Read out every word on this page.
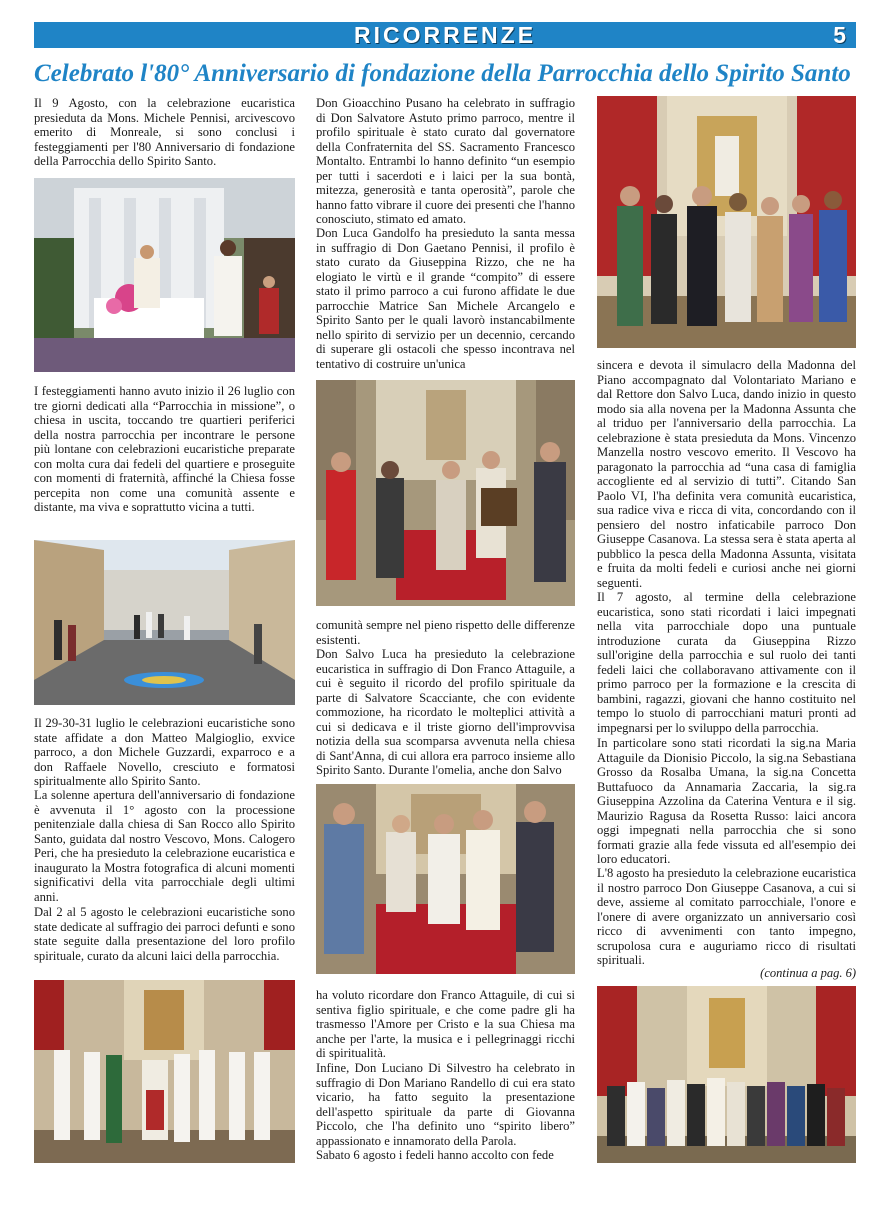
RICORRENZE	5
Celebrato l'80° Anniversario di fondazione della Parrocchia dello Spirito Santo

Il 9 Agosto, con la celebrazione eucaristica presieduta da Mons. Michele Pennisi, arcivescovo emerito di Monreale, si sono conclusi i festeggiamenti per l'80 Anniversario di fondazione della Parrocchia dello Spirito Santo.

I festeggiamenti hanno avuto inizio il 26 luglio con tre giorni dedicati alla “Parrocchia in missione”, o chiesa in uscita, toccando tre quartieri periferici della nostra parrocchia per incontrare le persone più lontane con celebrazioni eucaristiche preparate con molta cura dai fedeli del quartiere e proseguite con momenti di fraternità, affinché la Chiesa fosse percepita non come una comunità assente e distante, ma viva e soprattutto vicina a tutti.

Il 29-30-31 luglio le celebrazioni eucaristiche sono state affidate a don Matteo Malgioglio, exvice parroco, a don Michele Guzzardi, exparroco e a don Raffaele Novello, cresciuto e formatosi spiritualmente allo Spirito Santo.

La solenne apertura dell'anniversario di fondazione è avvenuta il 1° agosto con la processione penitenziale dalla chiesa di San Rocco allo Spirito Santo, guidata dal nostro Vescovo, Mons. Calogero Peri, che ha presieduto la celebrazione eucaristica e inaugurato la Mostra fotografica di alcuni momenti significativi della vita parrocchiale degli ultimi anni.

Dal 2 al 5 agosto le celebrazioni eucaristiche sono state dedicate al suffragio dei parroci defunti e sono state seguite dalla presentazione del loro profilo spirituale, curato da alcuni laici della parrocchia.

Don Gioacchino Pusano ha celebrato in suffragio di Don Salvatore Astuto primo parroco, mentre il profilo spirituale è stato curato dal governatore della Confraternita del SS. Sacramento Francesco Montalto. Entrambi lo hanno definito “un esempio per tutti i sacerdoti e i laici per la sua bontà, mitezza, generosità e tanta operosità”, parole che hanno fatto vibrare il cuore dei presenti che l'hanno conosciuto, stimato ed amato.

Don Luca Gandolfo ha presieduto la santa messa in suffragio di Don Gaetano Pennisi, il profilo è stato curato da Giuseppina Rizzo, che ne ha elogiato le virtù e il grande “compito” di essere stato il primo parroco a cui furono affidate le due parrocchie Matrice San Michele Arcangelo e Spirito Santo per le quali lavorò instancabilmente nello spirito di servizio per un decennio, cercando di superare gli ostacoli che spesso incontrava nel tentativo di costruire un'unica

comunità sempre nel pieno rispetto delle differenze esistenti.

Don Salvo Luca ha presieduto la celebrazione eucaristica in suffragio di Don Franco Attaguile, a cui è seguito il ricordo del profilo spirituale da parte di Salvatore Scacciante, che con evidente commozione, ha ricordato le molteplici attività a cui si dedicava e il triste giorno dell'improvvisa notizia della sua scomparsa avvenuta nella chiesa di Sant'Anna, di cui allora era parroco insieme allo Spirito Santo. Durante l'omelia, anche don Salvo

ha voluto ricordare don Franco Attaguile, di cui si sentiva figlio spirituale, e che come padre gli ha trasmesso l'Amore per Cristo e la sua Chiesa ma anche per l'arte, la musica e i pellegrinaggi ricchi di spiritualità.

Infine, Don Luciano Di Silvestro ha celebrato in suffragio di Don Mariano Randello di cui era stato vicario, ha fatto seguito la presentazione dell'aspetto spirituale da parte di Giovanna Piccolo, che l'ha definito uno “spirito libero” appassionato e innamorato della Parola.

Sabato 6 agosto i fedeli hanno accolto con fede

sincera e devota il simulacro della Madonna del Piano accompagnato dal Volontariato Mariano e dal Rettore don Salvo Luca, dando inizio in questo modo sia alla novena per la Madonna Assunta che al triduo per l'anniversario della parrocchia. La celebrazione è stata presieduta da Mons. Vincenzo Manzella nostro vescovo emerito. Il Vescovo ha paragonato la parrocchia ad “una casa di famiglia accogliente ed al servizio di tutti”. Citando San Paolo VI, l'ha definita vera comunità eucaristica, sua radice viva e ricca di vita, concordando con il pensiero del nostro infaticabile parroco Don Giuseppe Casanova. La stessa sera è stata aperta al pubblico la pesca della Madonna Assunta, visitata e fruita da molti fedeli e curiosi anche nei giorni seguenti.

Il 7 agosto, al termine della celebrazione eucaristica, sono stati ricordati i laici impegnati nella vita parrocchiale dopo una puntuale introduzione curata da Giuseppina Rizzo sull'origine della parrocchia e sul ruolo dei tanti fedeli laici che collaboravano attivamente con il primo parroco per la formazione e la crescita di bambini, ragazzi, giovani che hanno costituito nel tempo lo stuolo di parrocchiani maturi pronti ad impegnarsi per lo sviluppo della parrocchia.

In particolare sono stati ricordati la sig.na Maria Attaguile da Dionisio Piccolo, la sig.na Sebastiana Grosso da Rosalba Umana, la sig.na Concetta Buttafuoco da Annamaria Zaccaria, la sig.ra Giuseppina Azzolina da Caterina Ventura e il sig. Maurizio Ragusa da Rosetta Russo: laici ancora oggi impegnati nella parrocchia che si sono formati grazie alla fede vissuta ed all'esempio dei loro educatori.

L'8 agosto ha presieduto la celebrazione eucaristica il nostro parroco Don Giuseppe Casanova, a cui si deve, assieme al comitato parrocchiale, l'onore e l'onere di avere organizzato un anniversario così ricco di avvenimenti con tanto impegno, scrupolosa cura e auguriamo ricco di risultati spirituali.

(continua a pag. 6)
